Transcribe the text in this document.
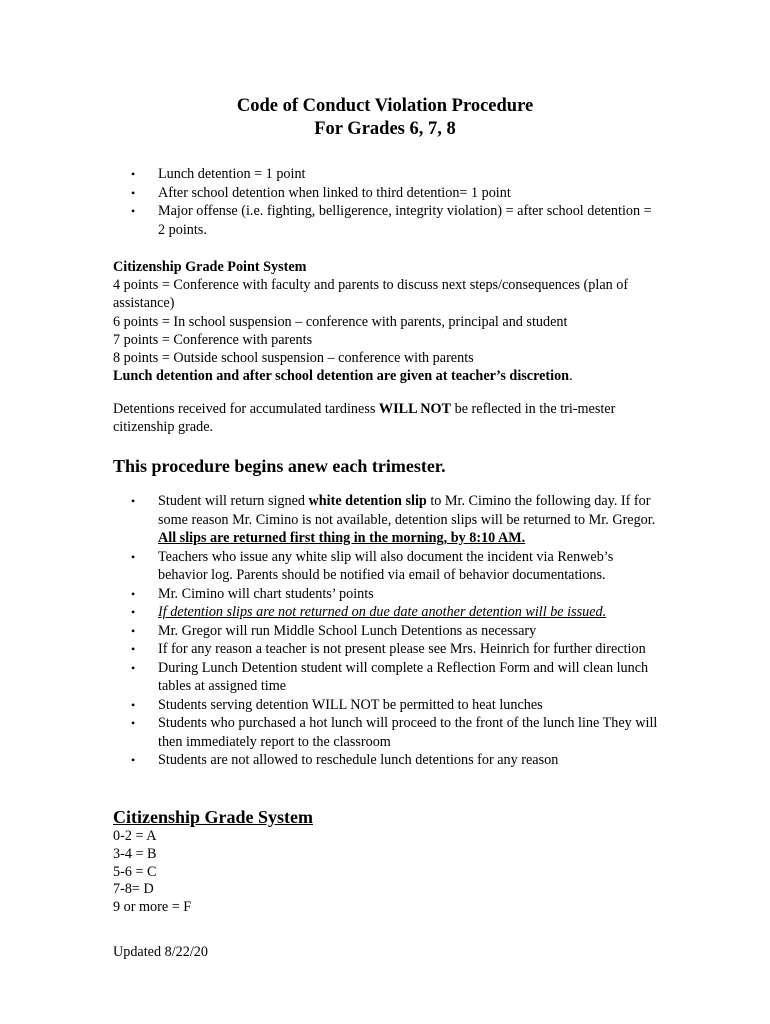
Code of Conduct Violation Procedure
For Grades 6, 7, 8
• Lunch detention = 1 point
• After school detention when linked to third detention= 1 point
• Major offense (i.e. fighting, belligerence, integrity violation) = after school detention = 2 points.

Citizenship Grade Point System

4 points = Conference with faculty and parents to discuss next steps/consequences (plan of assistance)

6 points = In school suspension – conference with parents, principal and student

7 points = Conference with parents

8 points = Outside school suspension – conference with parents

Lunch detention and after school detention are given at teacher’s discretion.

Detentions received for accumulated tardiness WILL NOT be reflected in the tri-mester citizenship grade.
This procedure begins anew each trimester.
• Student will return signed white detention slip to Mr. Cimino the following day. If for some reason Mr. Cimino is not available, detention slips will be returned to Mr. Gregor. All slips are returned first thing in the morning, by 8:10 AM.
• Teachers who issue any white slip will also document the incident via Renweb’s behavior log. Parents should be notified via email of behavior documentations.
• Mr. Cimino will chart students’ points
• If detention slips are not returned on due date another detention will be issued.
• Mr. Gregor will run Middle School Lunch Detentions as necessary
• If for any reason a teacher is not present please see Mrs. Heinrich for further direction
• During Lunch Detention student will complete a Reflection Form and will clean lunch tables at assigned time
• Students serving detention WILL NOT be permitted to heat lunches
• Students who purchased a hot lunch will proceed to the front of the lunch line They will then immediately report to the classroom
• Students are not allowed to reschedule lunch detentions for any reason
Citizenship Grade System

0-2 = A

3-4 = B

5-6 = C

7-8= D

9 or more = F

Updated 8/22/20
